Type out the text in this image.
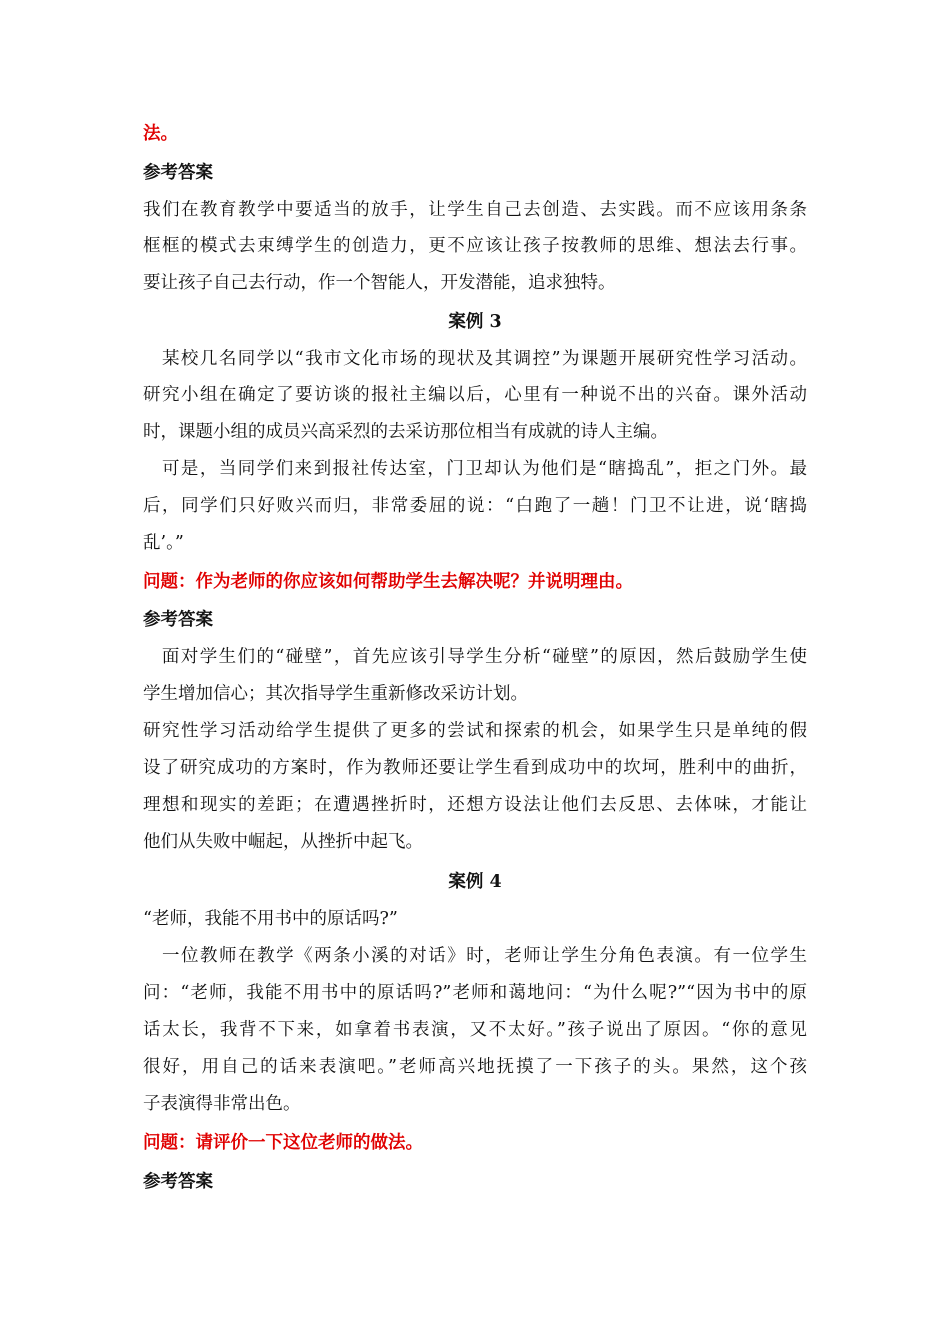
法。
参考答案
我们在教育教学中要适当的放手，让学生自己去创造、去实践。而不应该用条条
框框的模式去束缚学生的创造力，更不应该让孩子按教师的思维、想法去行事。
要让孩子自己去行动，作一个智能人，开发潜能，追求独特。
案例 3
　某校几名同学以“我市文化市场的现状及其调控”为课题开展研究性学习活动。
研究小组在确定了要访谈的报社主编以后，心里有一种说不出的兴奋。课外活动
时，课题小组的成员兴高采烈的去采访那位相当有成就的诗人主编。
　可是，当同学们来到报社传达室，门卫却认为他们是“瞎捣乱”，拒之门外。最
后，同学们只好败兴而归，非常委屈的说：“白跑了一趟！门卫不让进，说‘瞎捣
乱’。”
问题：作为老师的你应该如何帮助学生去解决呢？并说明理由。
参考答案
　面对学生们的“碰壁”，首先应该引导学生分析“碰壁”的原因，然后鼓励学生使
学生增加信心；其次指导学生重新修改采访计划。
研究性学习活动给学生提供了更多的尝试和探索的机会，如果学生只是单纯的假
设了研究成功的方案时，作为教师还要让学生看到成功中的坎坷，胜利中的曲折，
理想和现实的差距；在遭遇挫折时，还想方设法让他们去反思、去体味，才能让
他们从失败中崛起，从挫折中起飞。
案例 4
“老师，我能不用书中的原话吗?”
　一位教师在教学《两条小溪的对话》时，老师让学生分角色表演。有一位学生
问：“老师，我能不用书中的原话吗?”老师和蔼地问：“为什么呢?”“因为书中的原
话太长，我背不下来，如拿着书表演，又不太好。”孩子说出了原因。“你的意见
很好，用自己的话来表演吧。”老师高兴地抚摸了一下孩子的头。果然，这个孩
子表演得非常出色。
问题：请评价一下这位老师的做法。
参考答案
